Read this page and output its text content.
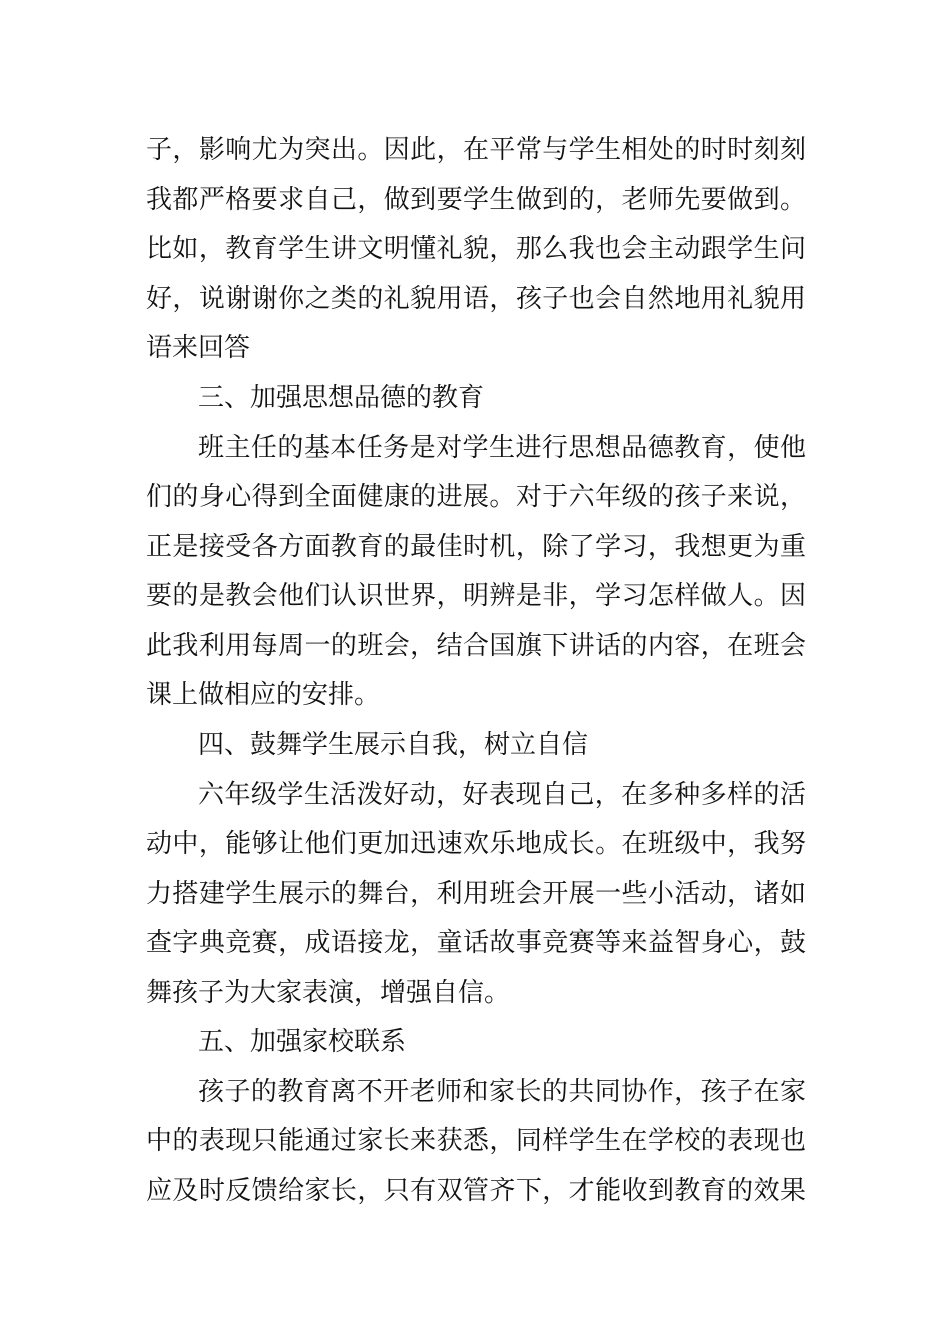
子，影响尤为突出。因此，在平常与学生相处的时时刻刻
我都严格要求自己，做到要学生做到的，老师先要做到。
比如，教育学生讲文明懂礼貌，那么我也会主动跟学生问
好，说谢谢你之类的礼貌用语，孩子也会自然地用礼貌用
语来回答
三、加强思想品德的教育
班主任的基本任务是对学生进行思想品德教育，使他
们的身心得到全面健康的进展。对于六年级的孩子来说，
正是接受各方面教育的最佳时机，除了学习，我想更为重
要的是教会他们认识世界，明辨是非，学习怎样做人。因
此我利用每周一的班会，结合国旗下讲话的内容，在班会
课上做相应的安排。
四、鼓舞学生展示自我，树立自信
六年级学生活泼好动，好表现自己，在多种多样的活
动中，能够让他们更加迅速欢乐地成长。在班级中，我努
力搭建学生展示的舞台，利用班会开展一些小活动，诸如
查字典竞赛，成语接龙，童话故事竞赛等来益智身心，鼓
舞孩子为大家表演，增强自信。
五、加强家校联系
孩子的教育离不开老师和家长的共同协作，孩子在家
中的表现只能通过家长来获悉，同样学生在学校的表现也
应及时反馈给家长，只有双管齐下，才能收到教育的效果
